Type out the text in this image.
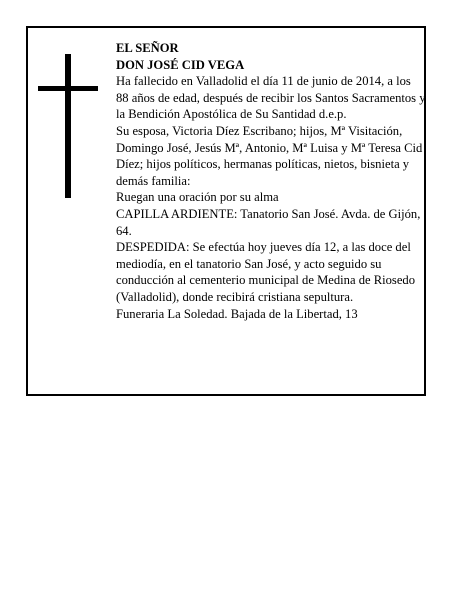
EL SEÑOR

DON JOSÉ CID VEGA

Ha fallecido en Valladolid el día 11 de junio de 2014, a los 88 años de edad, después de recibir los Santos Sacramentos y la Bendición Apostólica de Su Santidad d.e.p.

Su esposa, Victoria Díez Escribano; hijos, Mª Visitación, Domingo José, Jesús Mª, Antonio, Mª Luisa y Mª Teresa Cid Díez; hijos políticos, hermanas políticas, nietos, bisnieta y demás familia:

Ruegan una oración por su alma

CAPILLA ARDIENTE: Tanatorio San José. Avda. de Gijón, 64.

DESPEDIDA: Se efectúa hoy jueves día 12, a las doce del mediodía, en el tanatorio San José, y acto seguido su conducción al cementerio municipal de Medina de Riosedo (Valladolid), donde recibirá cristiana sepultura.

Funeraria La Soledad. Bajada de la Libertad, 13
